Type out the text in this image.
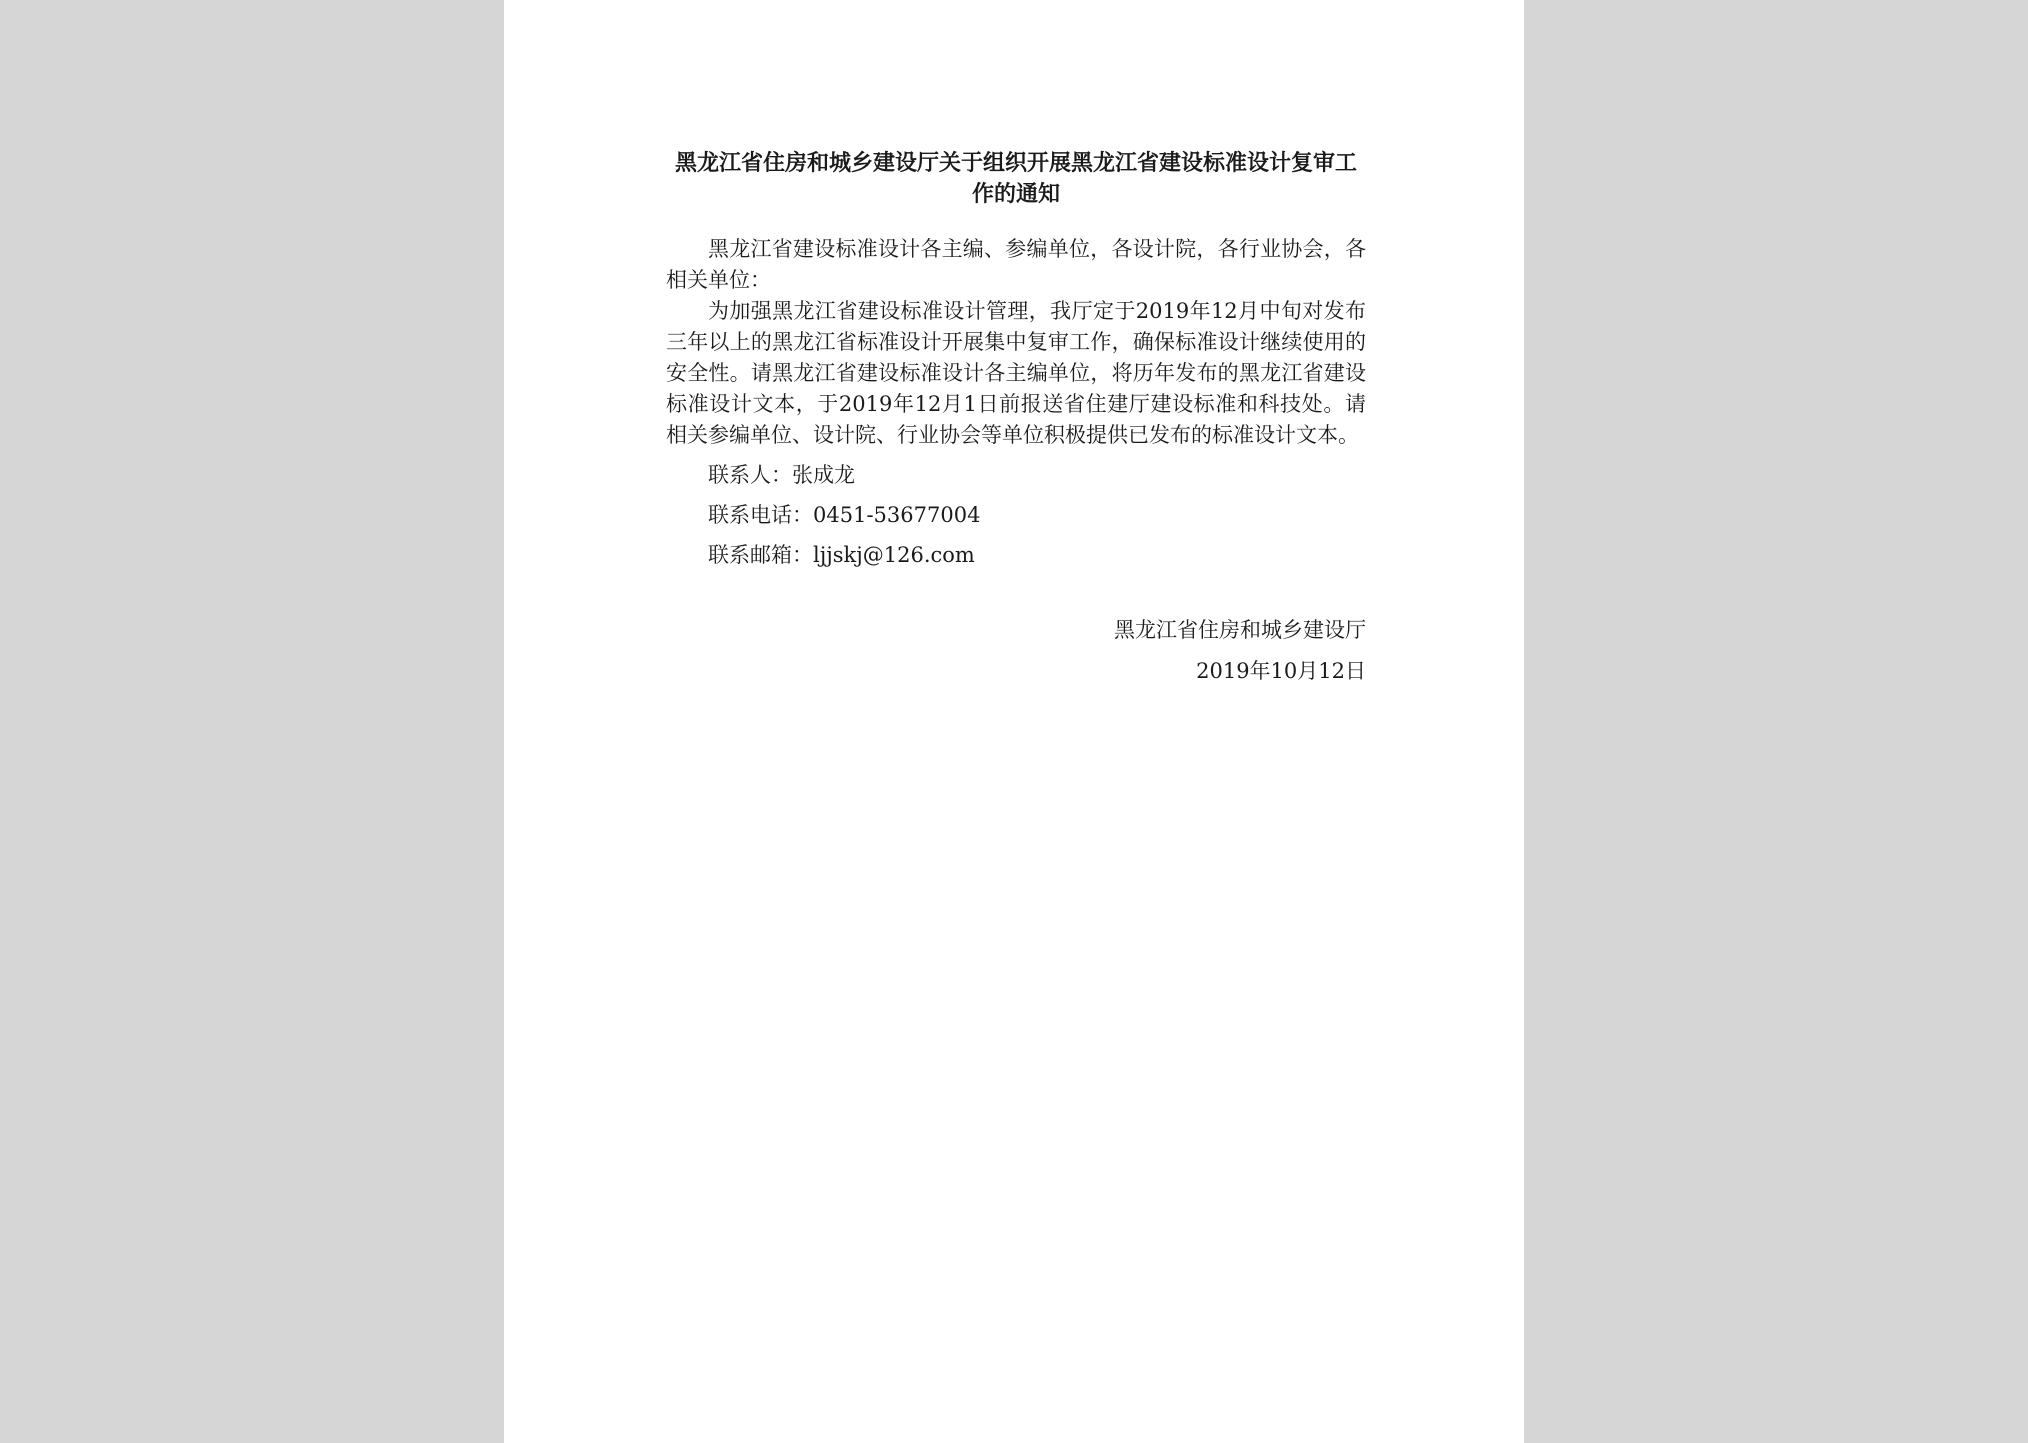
黑龙江省住房和城乡建设厅关于组织开展黑龙江省建设标准设计复审工作的通知

黑龙江省建设标准设计各主编、参编单位，各设计院，各行业协会，各相关单位：

为加强黑龙江省建设标准设计管理，我厅定于2019年12月中旬对发布三年以上的黑龙江省标准设计开展集中复审工作，确保标准设计继续使用的安全性。请黑龙江省建设标准设计各主编单位，将历年发布的黑龙江省建设标准设计文本，于2019年12月1日前报送省住建厅建设标准和科技处。请相关参编单位、设计院、行业协会等单位积极提供已发布的标准设计文本。

联系人：张成龙
联系电话：0451-53677004
联系邮箱：ljjskj@126.com
黑龙江省住房和城乡建设厅
2019年10月12日
